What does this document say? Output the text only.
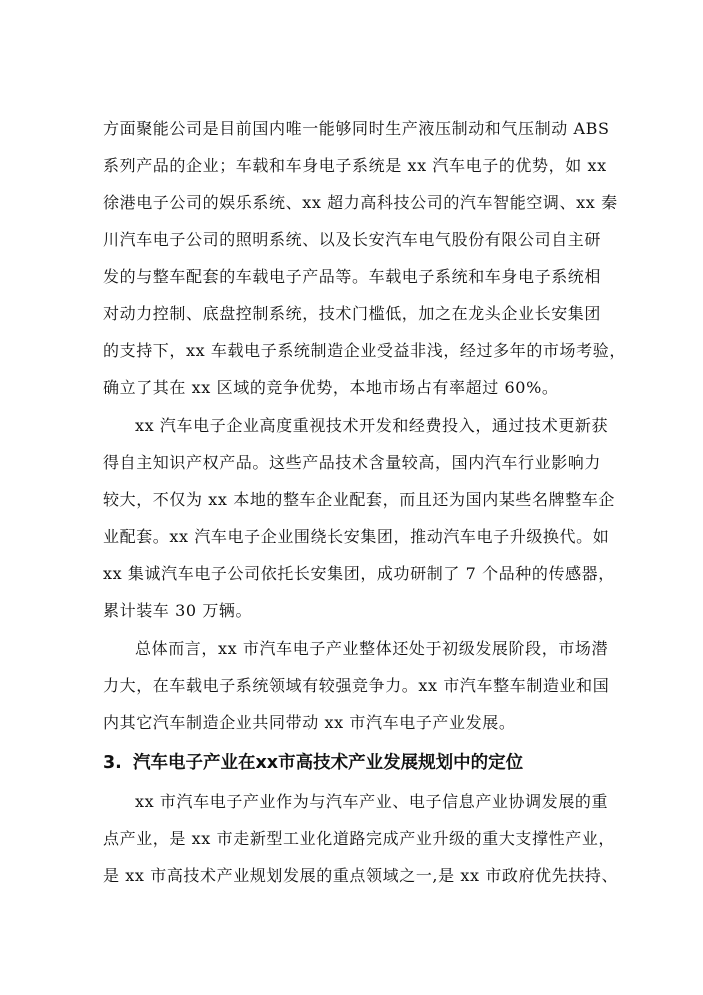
方面聚能公司是目前国内唯一能够同时生产液压制动和气压制动 ABS
系列产品的企业；车载和车身电子系统是 xx 汽车电子的优势，如 xx
徐港电子公司的娱乐系统、xx 超力高科技公司的汽车智能空调、xx 秦
川汽车电子公司的照明系统、以及长安汽车电气股份有限公司自主研
发的与整车配套的车载电子产品等。车载电子系统和车身电子系统相
对动力控制、底盘控制系统，技术门槛低，加之在龙头企业长安集团
的支持下，xx 车载电子系统制造企业受益非浅，经过多年的市场考验，
确立了其在 xx 区域的竞争优势，本地市场占有率超过 60%。
xx 汽车电子企业高度重视技术开发和经费投入，通过技术更新获
得自主知识产权产品。这些产品技术含量较高，国内汽车行业影响力
较大，不仅为 xx 本地的整车企业配套，而且还为国内某些名牌整车企
业配套。xx 汽车电子企业围绕长安集团，推动汽车电子升级换代。如
xx 集诚汽车电子公司依托长安集团，成功研制了 7 个品种的传感器，
累计装车 30 万辆。
总体而言，xx 市汽车电子产业整体还处于初级发展阶段，市场潜
力大，在车载电子系统领域有较强竞争力。xx 市汽车整车制造业和国
内其它汽车制造企业共同带动 xx 市汽车电子产业发展。
3. 汽车电子产业在xx市高技术产业发展规划中的定位
xx 市汽车电子产业作为与汽车产业、电子信息产业协调发展的重
点产业，是 xx 市走新型工业化道路完成产业升级的重大支撑性产业，
是 xx 市高技术产业规划发展的重点领域之一,是 xx 市政府优先扶持、
